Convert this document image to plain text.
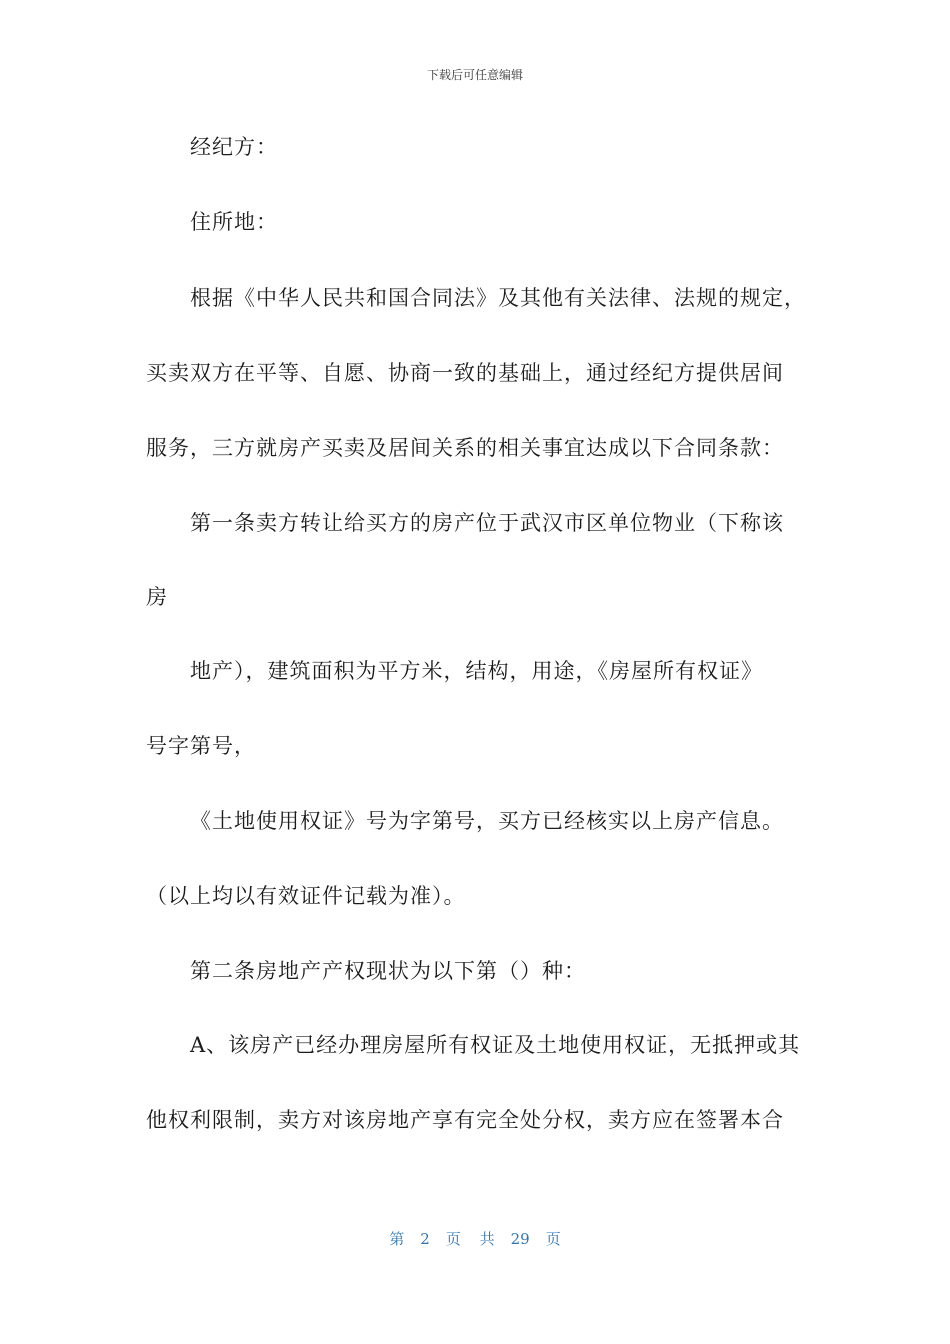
下载后可任意编辑
经纪方：
住所地：
根据《中华人民共和国合同法》及其他有关法律、法规的规定，
买卖双方在平等、自愿、协商一致的基础上，通过经纪方提供居间
服务，三方就房产买卖及居间关系的相关事宜达成以下合同条款：
第一条卖方转让给买方的房产位于武汉市区单位物业（下称该
房
地产），建筑面积为平方米，结构，用途，《房屋所有权证》
号字第号，
《土地使用权证》号为字第号，买方已经核实以上房产信息。
（以上均以有效证件记载为准）。
第二条房地产产权现状为以下第（）种：
A、该房产已经办理房屋所有权证及土地使用权证，无抵押或其
他权利限制，卖方对该房地产享有完全处分权，卖方应在签署本合
第 2 页 共 29 页
